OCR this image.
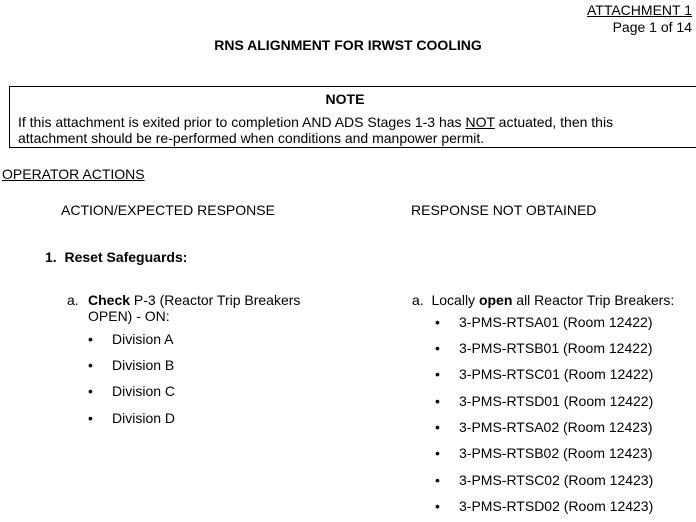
ATTACHMENT 1
Page 1 of 14
RNS ALIGNMENT FOR IRWST COOLING
NOTE
If this attachment is exited prior to completion AND ADS Stages 1-3 has NOT actuated, then this
attachment should be re-performed when conditions and manpower permit.
OPERATOR ACTIONS
ACTION/EXPECTED RESPONSE	RESPONSE NOT OBTAINED
1. Reset Safeguards:
a. Check P-3 (Reactor Trip Breakers
OPEN) - ON:
• Division A
• Division B
• Division C
• Division D
a. Locally open all Reactor Trip Breakers:
• 3-PMS-RTSA01 (Room 12422)
• 3-PMS-RTSB01 (Room 12422)
• 3-PMS-RTSC01 (Room 12422)
• 3-PMS-RTSD01 (Room 12422)
• 3-PMS-RTSA02 (Room 12423)
• 3-PMS-RTSB02 (Room 12423)
• 3-PMS-RTSC02 (Room 12423)
• 3-PMS-RTSD02 (Room 12423)
